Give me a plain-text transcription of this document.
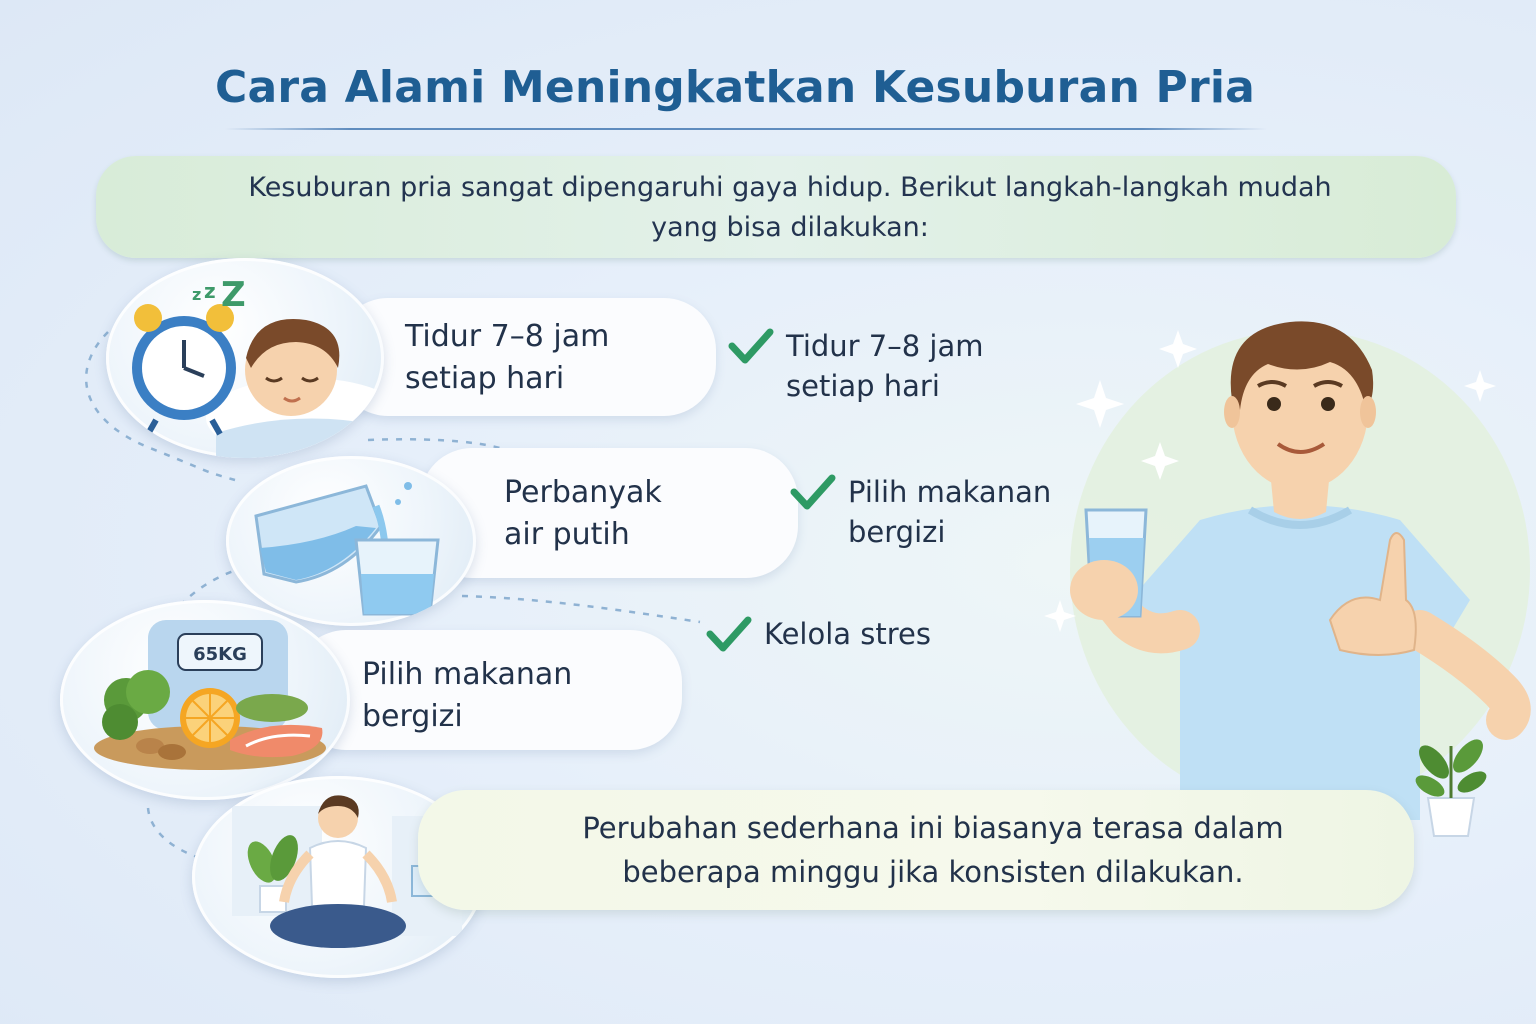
Cara Alami Meningkatkan Kesuburan Pria
Kesuburan pria sangat dipengaruhi gaya hidup. Berikut langkah-langkah mudah
yang bisa dilakukan:
Tidur 7–8 jam
setiap hari
Z
z z
Perbanyak
air putih
Pilih makanan
bergizi
65KG
Tidur 7–8 jam
setiap hari
Pilih makanan
bergizi
Kelola stres
Perubahan sederhana ini biasanya terasa dalam
beberapa minggu jika konsisten dilakukan.
